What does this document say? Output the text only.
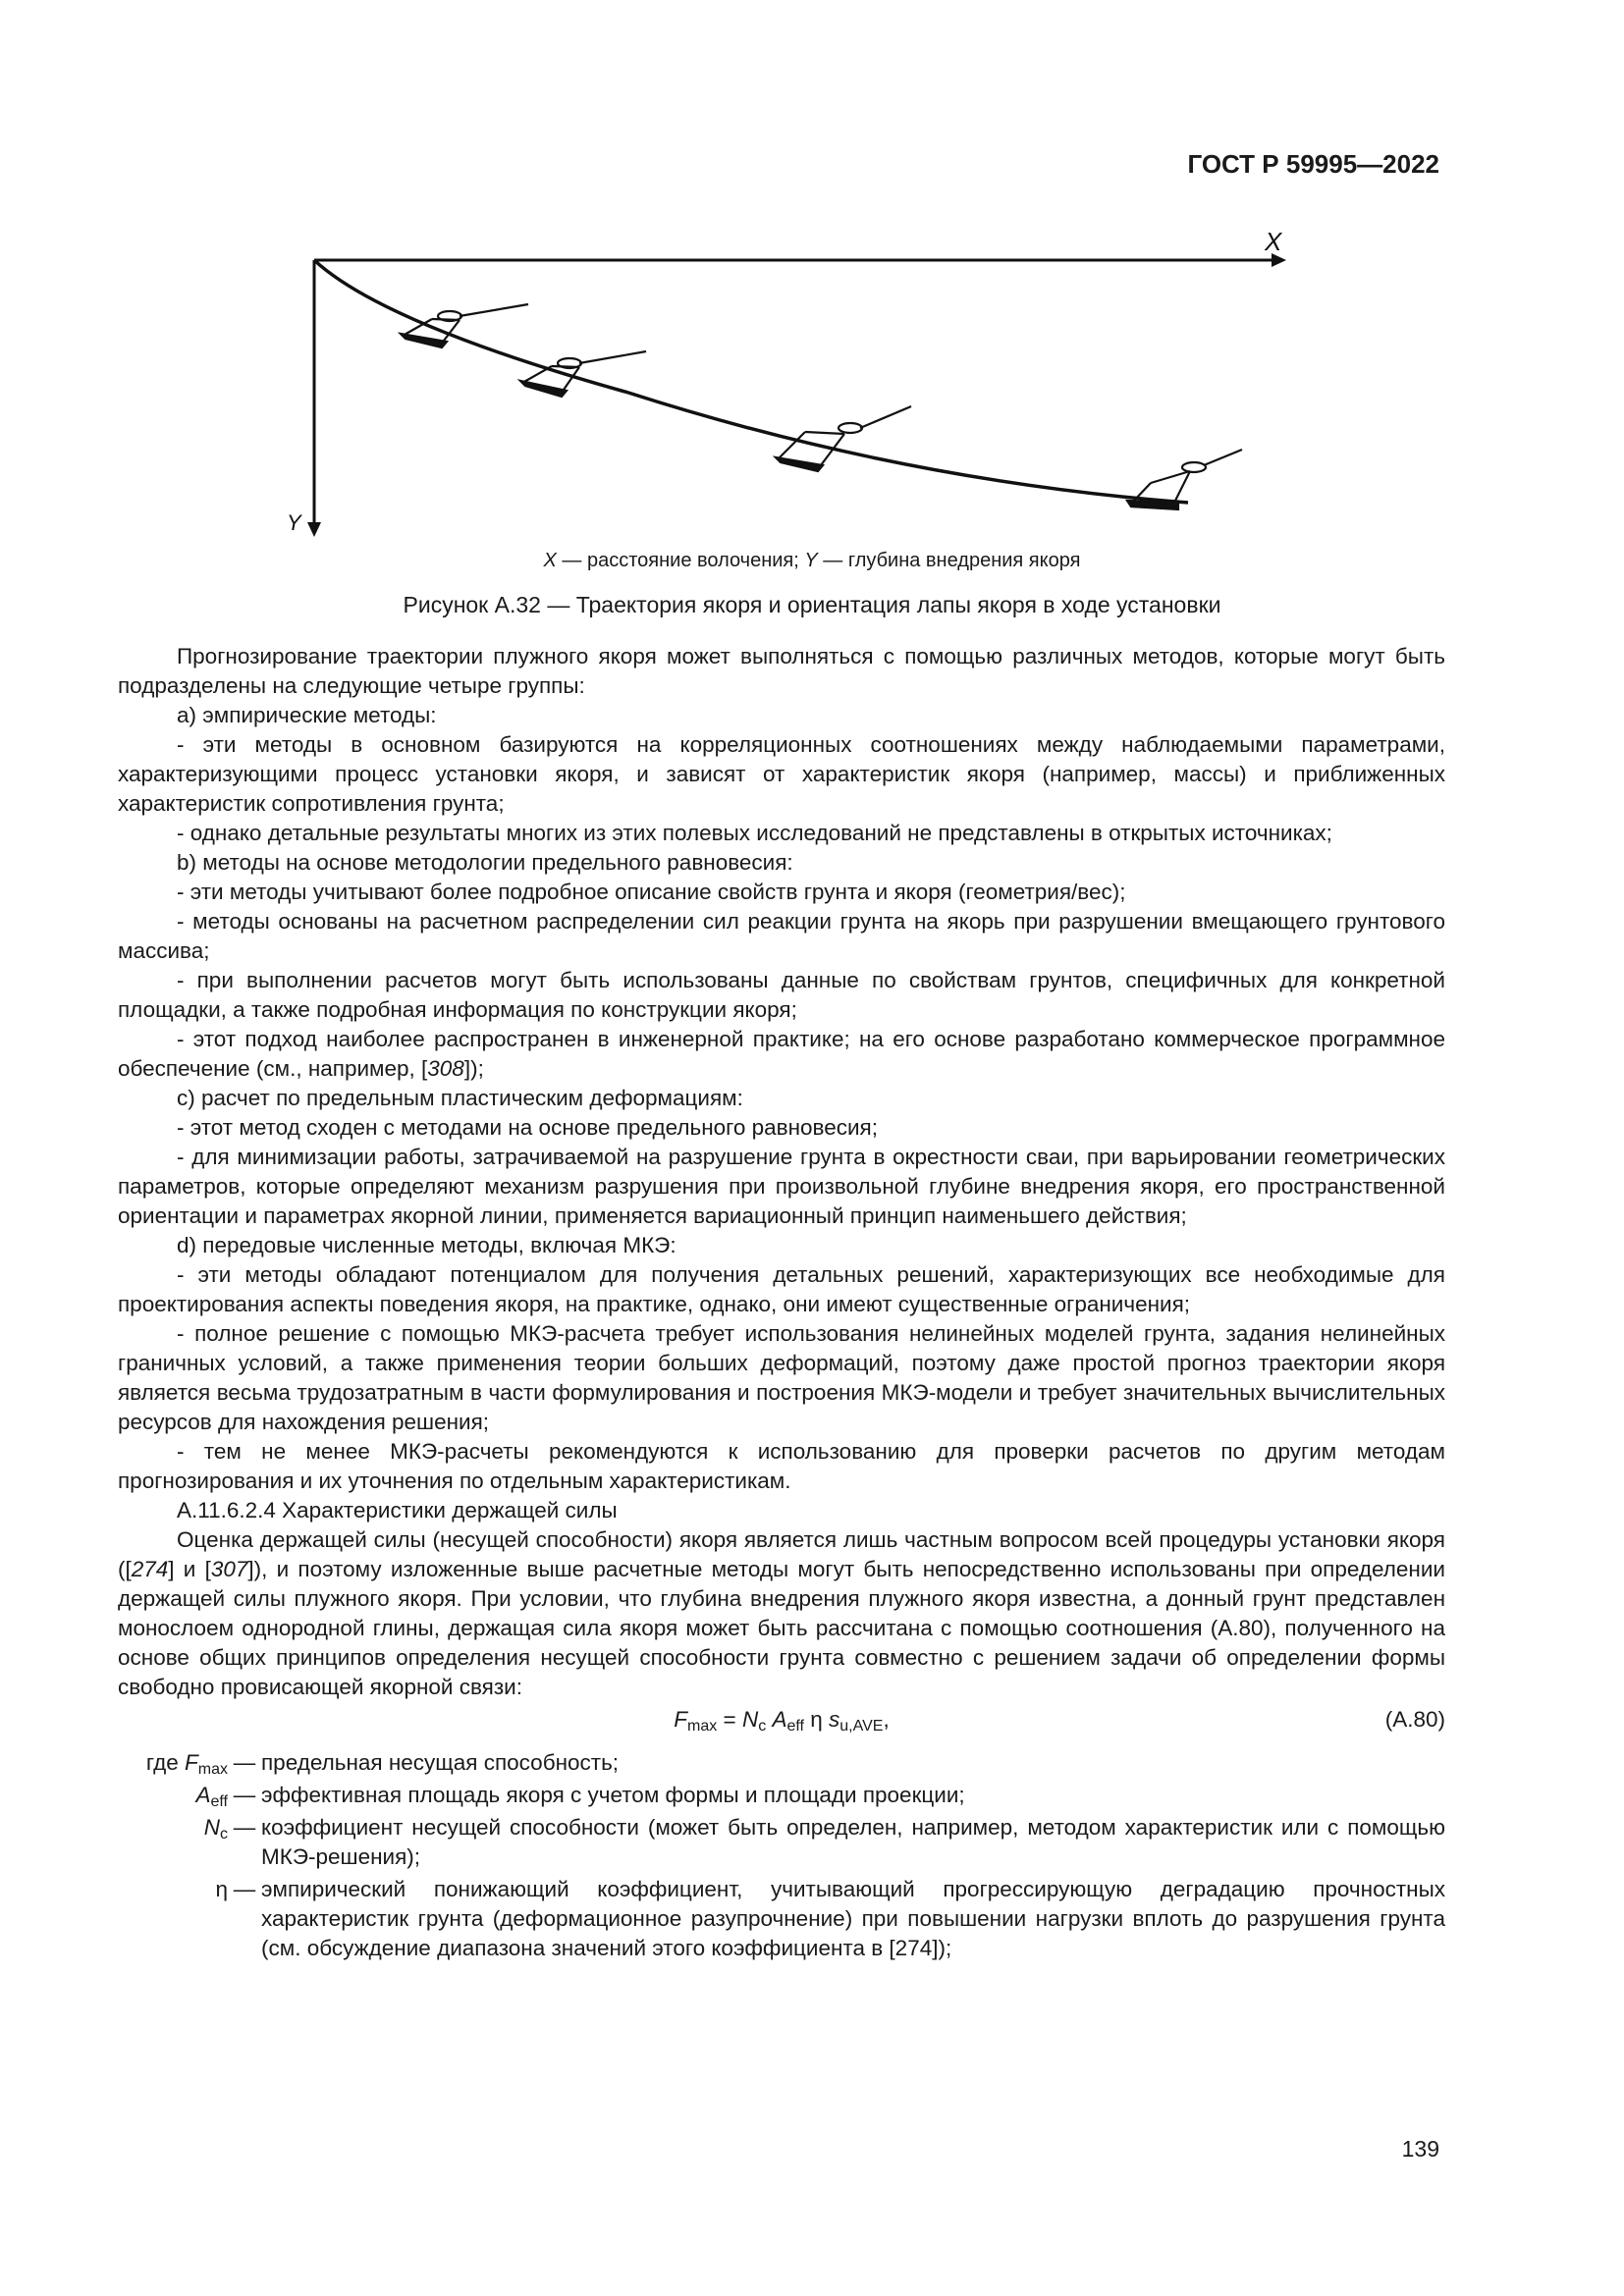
ГОСТ Р 59995—2022
X
Y
X — расстояние волочения; Y — глубина внедрения якоря
Рисунок А.32 — Траектория якоря и ориентация лапы якоря в ходе установки

Прогнозирование траектории плужного якоря может выполняться с помощью различных методов, которые могут быть подразделены на следующие четыре группы:

а) эмпирические методы:

- эти методы в основном базируются на корреляционных соотношениях между наблюдаемыми параметрами, характеризующими процесс установки якоря, и зависят от характеристик якоря (например, массы) и приближенных характеристик сопротивления грунта;

- однако детальные результаты многих из этих полевых исследований не представлены в открытых источниках;

b) методы на основе методологии предельного равновесия:

- эти методы учитывают более подробное описание свойств грунта и якоря (геометрия/вес);

- методы основаны на расчетном распределении сил реакции грунта на якорь при разрушении вмещающего грунтового массива;

- при выполнении расчетов могут быть использованы данные по свойствам грунтов, специфичных для конкретной площадки, а также подробная информация по конструкции якоря;

- этот подход наиболее распространен в инженерной практике; на его основе разработано коммерческое программное обеспечение (см., например, [308]);

с) расчет по предельным пластическим деформациям:

- этот метод сходен с методами на основе предельного равновесия;

- для минимизации работы, затрачиваемой на разрушение грунта в окрестности сваи, при варьировании геометрических параметров, которые определяют механизм разрушения при произвольной глубине внедрения якоря, его пространственной ориентации и параметрах якорной линии, применяется вариационный принцип наименьшего действия;

d) передовые численные методы, включая МКЭ:

- эти методы обладают потенциалом для получения детальных решений, характеризующих все необходимые для проектирования аспекты поведения якоря, на практике, однако, они имеют существенные ограничения;

- полное решение с помощью МКЭ-расчета требует использования нелинейных моделей грунта, задания нелинейных граничных условий, а также применения теории больших деформаций, поэтому даже простой прогноз траектории якоря является весьма трудозатратным в части формулирования и построения МКЭ-модели и требует значительных вычислительных ресурсов для нахождения решения;

- тем не менее МКЭ-расчеты рекомендуются к использованию для проверки расчетов по другим методам прогнозирования и их уточнения по отдельным характеристикам.

А.11.6.2.4 Характеристики держащей силы

Оценка держащей силы (несущей способности) якоря является лишь частным вопросом всей процедуры установки якоря ([274] и [307]), и поэтому изложенные выше расчетные методы могут быть непосредственно использованы при определении держащей силы плужного якоря. При условии, что глубина внедрения плужного якоря известна, а донный грунт представлен монослоем однородной глины, держащая сила якоря может быть рассчитана с помощью соотношения (А.80), полученного на основе общих принципов определения несущей способности грунта совместно с решением задачи об определении формы свободно провисающей якорной связи:

$F_{max} = N_c$ $A_{eff}$ η $s_{u,AVE}$,	(А.80)
где $F_{max}$	—	предельная несущая способность;
$A_{eff}$	—	эффективная площадь якоря с учетом формы и площади проекции;
$N_c$	—	коэффициент несущей способности (может быть определен, например, методом характеристик или с помощью МКЭ-решения);
η	—	эмпирический понижающий коэффициент, учитывающий прогрессирующую деградацию прочностных характеристик грунта (деформационное разупрочнение) при повышении нагрузки вплоть до разрушения грунта (см. обсуждение диапазона значений этого коэффициента в [274]);
139
